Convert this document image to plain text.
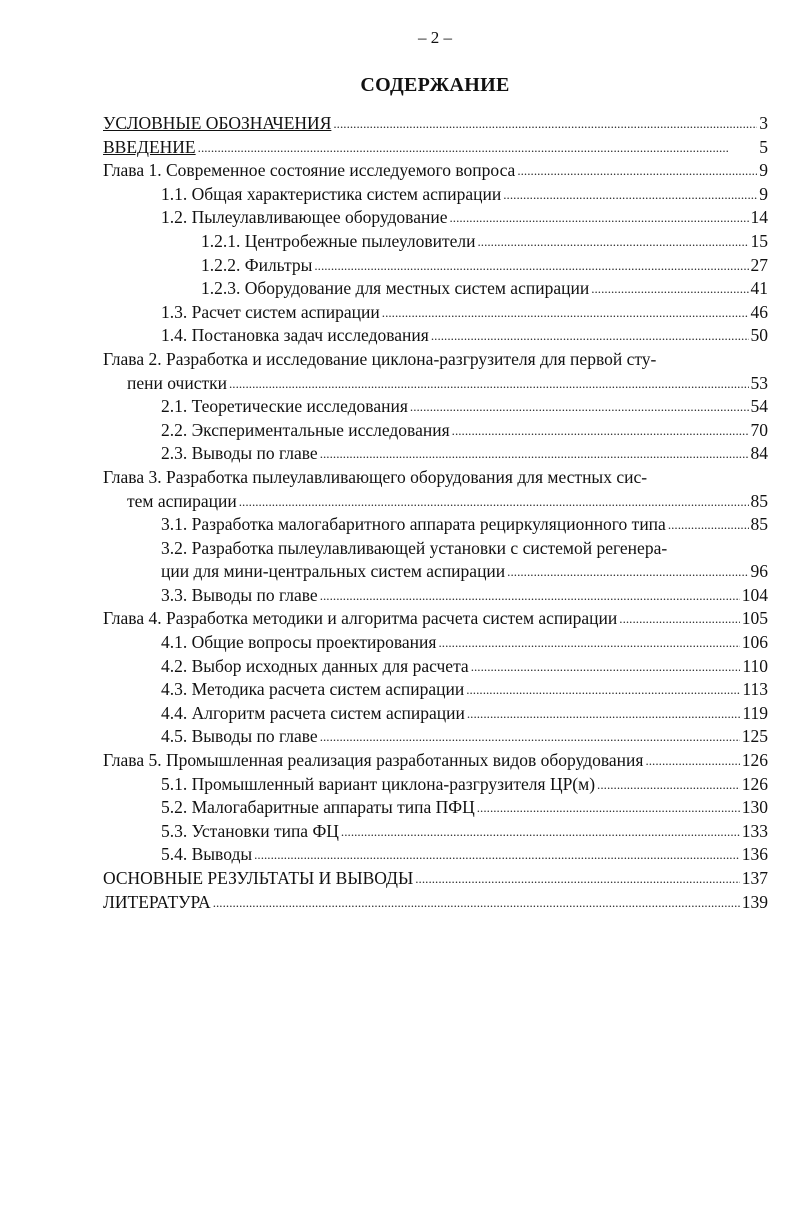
– 2 –
СОДЕРЖАНИЕ
УСЛОВНЫЕ ОБОЗНАЧЕНИЯ . . .	3
ВВЕДЕНИЕ . . .	5
Глава 1. Современное состояние исследуемого вопроса . . .	9
1.1. Общая характеристика систем аспирации . . .	9
1.2. Пылеулавливающее оборудование . . .	14
1.2.1. Центробежные пылеуловители . . .	15
1.2.2. Фильтры . . .	27
1.2.3. Оборудование для местных систем аспирации . . .	41
1.3. Расчет систем аспирации . . .	46
1.4. Постановка задач исследования . . .	50
Глава 2. Разработка и исследование циклона-разгрузителя для первой сту-
пени очистки . . .	53
2.1. Теоретические исследования . . .	54
2.2. Экспериментальные исследования . . .	70
2.3. Выводы по главе . . .	84
Глава 3. Разработка пылеулавливающего оборудования для местных сис-
тем аспирации . . .	85
3.1. Разработка малогабаритного аппарата рециркуляционного типа . . .	85
3.2. Разработка пылеулавливающей установки с системой регенера-
ции для мини-центральных систем аспирации . . .	96
3.3. Выводы по главе . . .	104
Глава 4. Разработка методики и алгоритма расчета систем аспирации . . .	105
4.1. Общие вопросы проектирования . . .	106
4.2. Выбор исходных данных для расчета . . .	110
4.3. Методика расчета систем аспирации . . .	113
4.4. Алгоритм расчета систем аспирации . . .	119
4.5. Выводы по главе . . .	125
Глава 5. Промышленная реализация разработанных видов оборудования . . .	126
5.1. Промышленный вариант циклона-разгрузителя ЦР(м) . . .	126
5.2. Малогабаритные аппараты типа ПФЦ . . .	130
5.3. Установки типа ФЦ . . .	133
5.4. Выводы . . .	136
ОСНОВНЫЕ РЕЗУЛЬТАТЫ И ВЫВОДЫ . . .	137
ЛИТЕРАТУРА . . .	139
